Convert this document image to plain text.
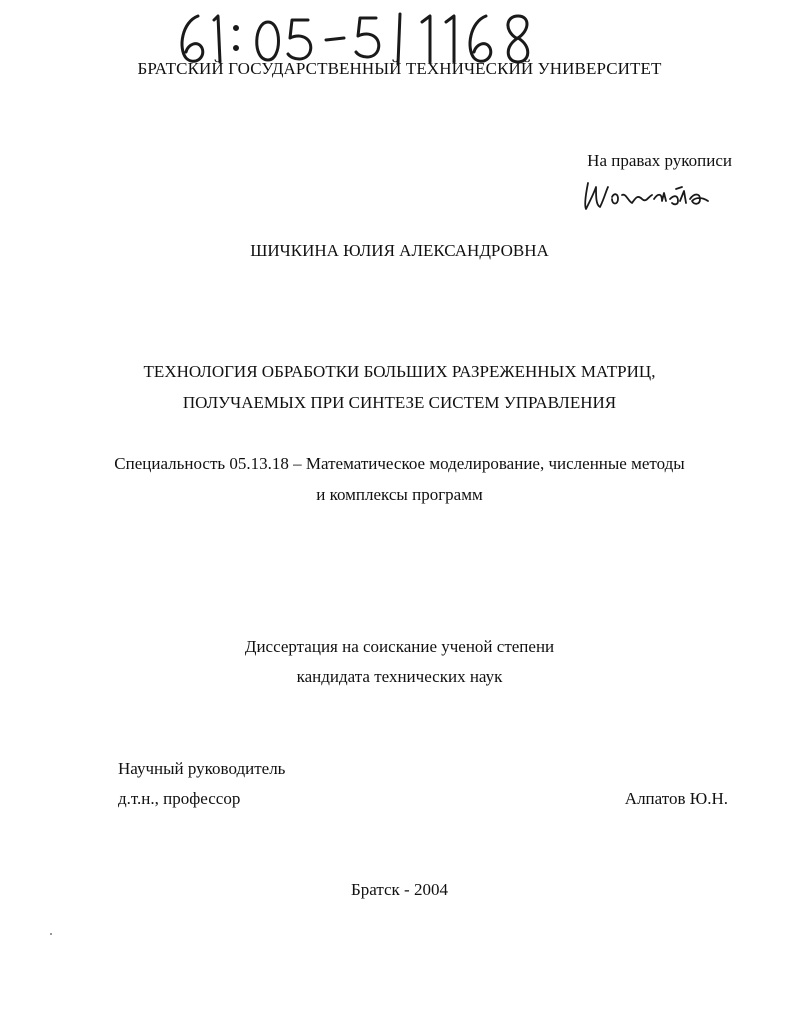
БРАТСКИЙ ГОСУДАРСТВЕННЫЙ ТЕХНИЧЕСКИЙ УНИВЕРСИТЕТ
На правах рукописи
ШИЧКИНА ЮЛИЯ АЛЕКСАНДРОВНА
ТЕХНОЛОГИЯ ОБРАБОТКИ БОЛЬШИХ РАЗРЕЖЕННЫХ МАТРИЦ,
ПОЛУЧАЕМЫХ ПРИ СИНТЕЗЕ СИСТЕМ УПРАВЛЕНИЯ
Специальность 05.13.18 – Математическое моделирование, численные методы
и комплексы программ
Диссертация на соискание ученой степени
кандидата технических наук
Научный руководитель
д.т.н., профессор	Алпатов Ю.Н.
Братск - 2004
